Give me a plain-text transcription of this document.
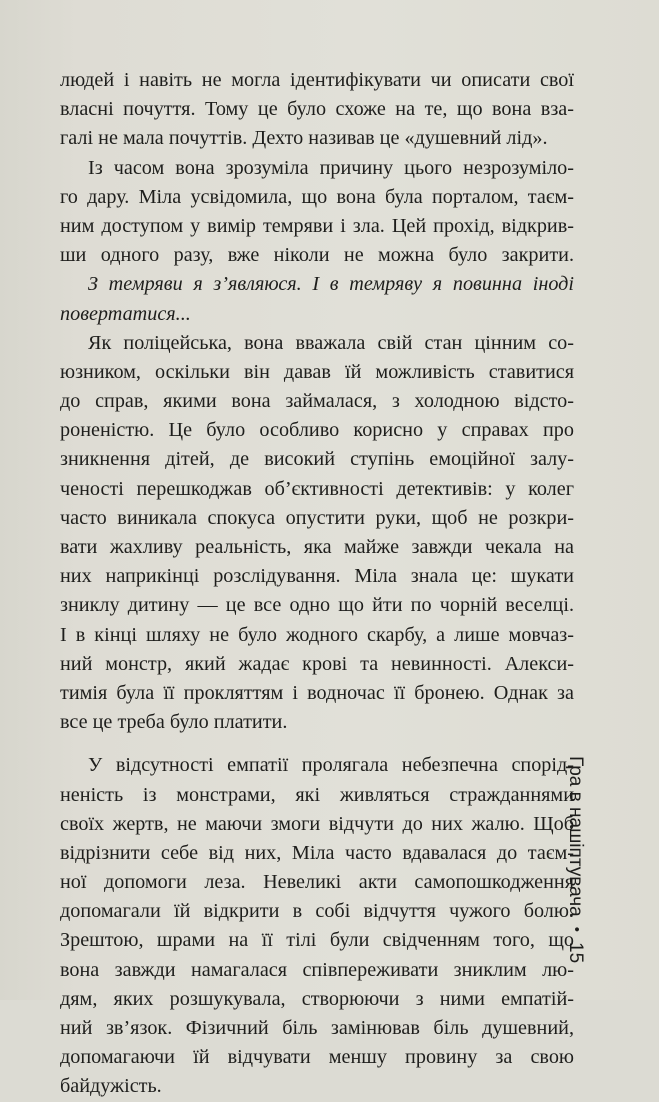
людей і навіть не могла ідентифікувати чи описати свої
власні почуття. Тому це було схоже на те, що вона вза-
галі не мала почуттів. Дехто називав це «душевний лід».
Із часом вона зрозуміла причину цього незрозуміло-
го дару. Міла усвідомила, що вона була порталом, таєм-
ним доступом у вимір темряви і зла. Цей прохід, відкрив-
ши одного разу, вже ніколи не можна було закрити.
З темряви я з’являюся. І в темряву я повинна іноді
повертатися...
Як поліцейська, вона вважала свій стан цінним со-
юзником, оскільки він давав їй можливість ставитися
до справ, якими вона займалася, з холодною відсто-
роненістю. Це було особливо корисно у справах про
зникнення дітей, де високий ступінь емоційної залу-
ченості перешкоджав об’єктивності детективів: у колег
часто виникала спокуса опустити руки, щоб не розкри-
вати жахливу реальність, яка майже завжди чекала на
них наприкінці розслідування. Міла знала це: шукати
зниклу дитину — це все одно що йти по чорній веселці.
І в кінці шляху не було жодного скарбу, а лише мовчаз-
ний монстр, який жадає крові та невинності. Алекси-
тимія була її прокляттям і водночас її бронею. Однак за
все це треба було платити.
У відсутності емпатії пролягала небезпечна спорід-
неність із монстрами, які живляться стражданнями
своїх жертв, не маючи змоги відчути до них жалю. Щоб
відрізнити себе від них, Міла часто вдавалася до таєм-
ної допомоги леза. Невеликі акти самопошкодження
допомагали їй відкрити в собі відчуття чужого болю.
Зрештою, шрами на її тілі були свідченням того, що
вона завжди намагалася співпереживати зниклим лю-
дям, яких розшукувала, створюючи з ними емпатій-
ний зв’язок. Фізичний біль замінював біль душевний,
допомагаючи їй відчувати меншу провину за свою
байдужість.
Гра в нашіптувача•15
